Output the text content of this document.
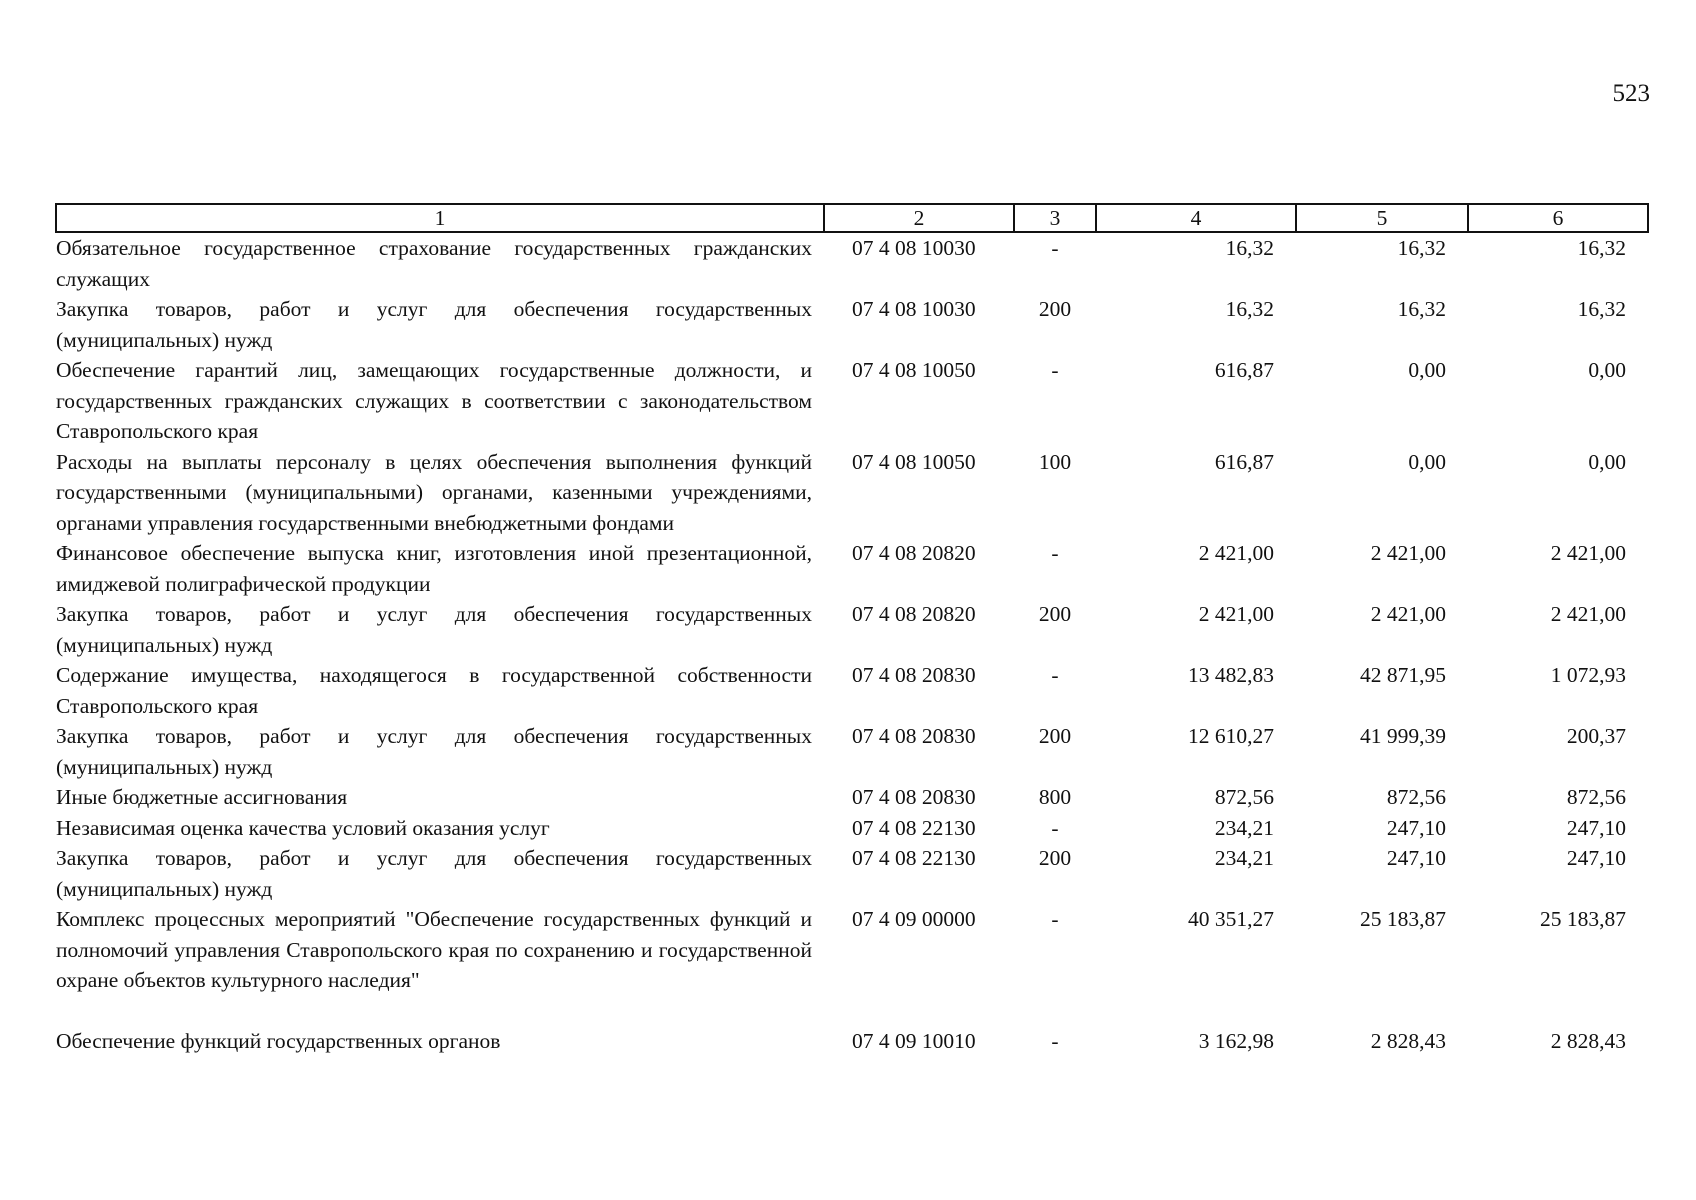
523
1	2	3	4	5	6
Обязательное государственное страхование государственных гражданских служащих	07 4 08 10030	-	16,32	16,32	16,32
Закупка товаров, работ и услуг для обеспечения государственных (муниципальных) нужд	07 4 08 10030	200	16,32	16,32	16,32
Обеспечение гарантий лиц, замещающих государственные должности, и государственных гражданских служащих в соответствии с законодательством Ставропольского края	07 4 08 10050	-	616,87	0,00	0,00
Расходы на выплаты персоналу в целях обеспечения выполнения функций государственными (муниципальными) органами, казенными учреждениями, органами управления государственными внебюджетными фондами	07 4 08 10050	100	616,87	0,00	0,00
Финансовое обеспечение выпуска книг, изготовления иной презентационной, имиджевой полиграфической продукции	07 4 08 20820	-	2 421,00	2 421,00	2 421,00
Закупка товаров, работ и услуг для обеспечения государственных (муниципальных) нужд	07 4 08 20820	200	2 421,00	2 421,00	2 421,00
Содержание имущества, находящегося в государственной собственности Ставропольского края	07 4 08 20830	-	13 482,83	42 871,95	1 072,93
Закупка товаров, работ и услуг для обеспечения государственных (муниципальных) нужд	07 4 08 20830	200	12 610,27	41 999,39	200,37
Иные бюджетные ассигнования	07 4 08 20830	800	872,56	872,56	872,56
Независимая оценка качества условий оказания услуг	07 4 08 22130	-	234,21	247,10	247,10
Закупка товаров, работ и услуг для обеспечения государственных (муниципальных) нужд	07 4 08 22130	200	234,21	247,10	247,10
Комплекс процессных мероприятий "Обеспечение государственных функций и полномочий управления Ставропольского края по сохранению и государственной охране объектов культурного наследия"	07 4 09 00000	-	40 351,27	25 183,87	25 183,87
Обеспечение функций государственных органов	07 4 09 10010	-	3 162,98	2 828,43	2 828,43
